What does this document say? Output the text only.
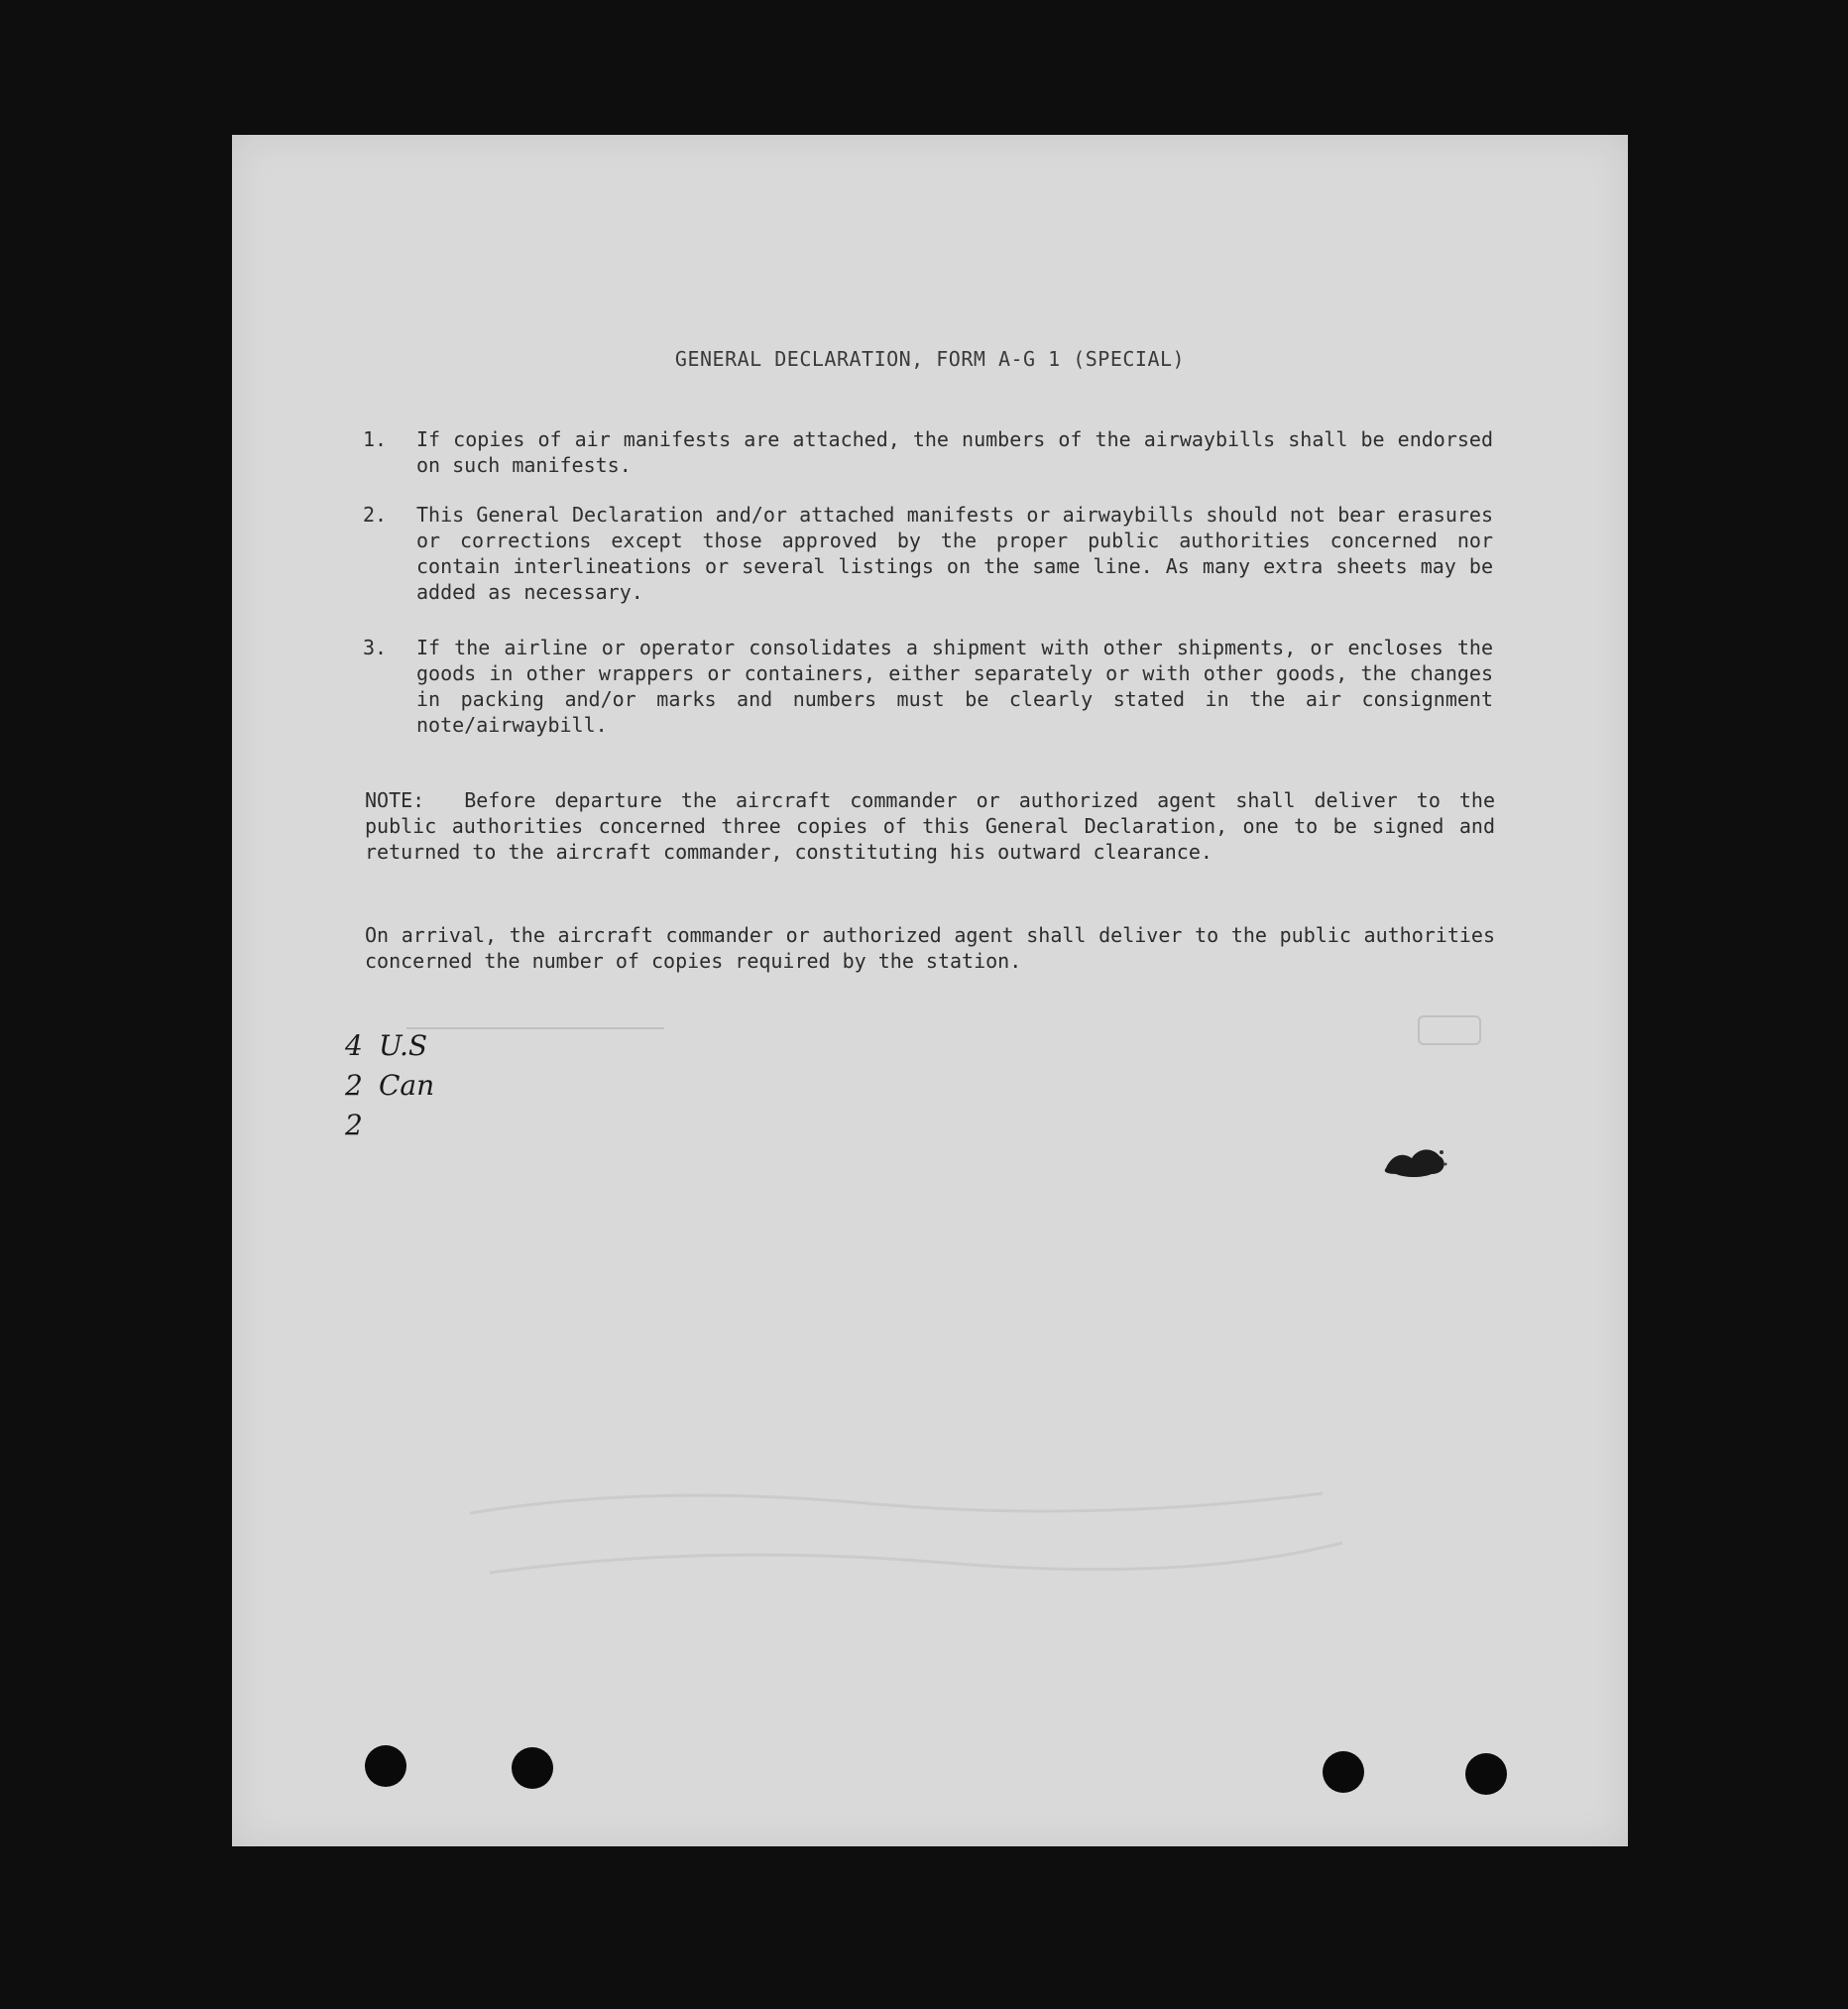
GENERAL DECLARATION, FORM A-G 1 (SPECIAL)
1.	If copies of air manifests are attached, the numbers of the airwaybills shall be endorsed on such manifests.
2.	This General Declaration and/or attached manifests or airwaybills should not bear erasures or corrections except those approved by the proper public authorities concerned nor contain interlineations or several listings on the same line. As many extra sheets may be added as necessary.
3.	If the airline or operator consolidates a shipment with other shipments, or encloses the goods in other wrappers or containers, either separately or with other goods, the changes in packing and/or marks and numbers must be clearly stated in the air consignment note/airwaybill.
NOTE: Before departure the aircraft commander or authorized agent shall deliver to the public authorities concerned three copies of this General Declaration, one to be signed and returned to the aircraft commander, constituting his outward clearance.
On arrival, the aircraft commander or authorized agent shall deliver to the public authorities concerned the number of copies required by the station.
4 U.S
2 Can
2
